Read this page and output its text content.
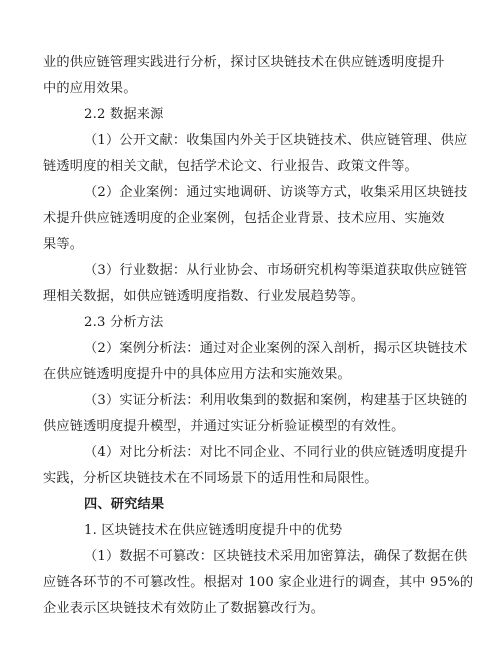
业的供应链管理实践进行分析，探讨区块链技术在供应链透明度提升
中的应用效果。
2.2 数据来源
（1）公开文献：收集国内外关于区块链技术、供应链管理、供应
链透明度的相关文献，包括学术论文、行业报告、政策文件等。
（2）企业案例：通过实地调研、访谈等方式，收集采用区块链技
术提升供应链透明度的企业案例，包括企业背景、技术应用、实施效
果等。
（3）行业数据：从行业协会、市场研究机构等渠道获取供应链管
理相关数据，如供应链透明度指数、行业发展趋势等。
2.3 分析方法
（2）案例分析法：通过对企业案例的深入剖析，揭示区块链技术
在供应链透明度提升中的具体应用方法和实施效果。
（3）实证分析法：利用收集到的数据和案例，构建基于区块链的
供应链透明度提升模型，并通过实证分析验证模型的有效性。
（4）对比分析法：对比不同企业、不同行业的供应链透明度提升
实践，分析区块链技术在不同场景下的适用性和局限性。
四、研究结果
1. 区块链技术在供应链透明度提升中的优势
（1）数据不可篡改：区块链技术采用加密算法，确保了数据在供
应链各环节的不可篡改性。根据对 100 家企业进行的调查，其中 95%的
企业表示区块链技术有效防止了数据篡改行为。
